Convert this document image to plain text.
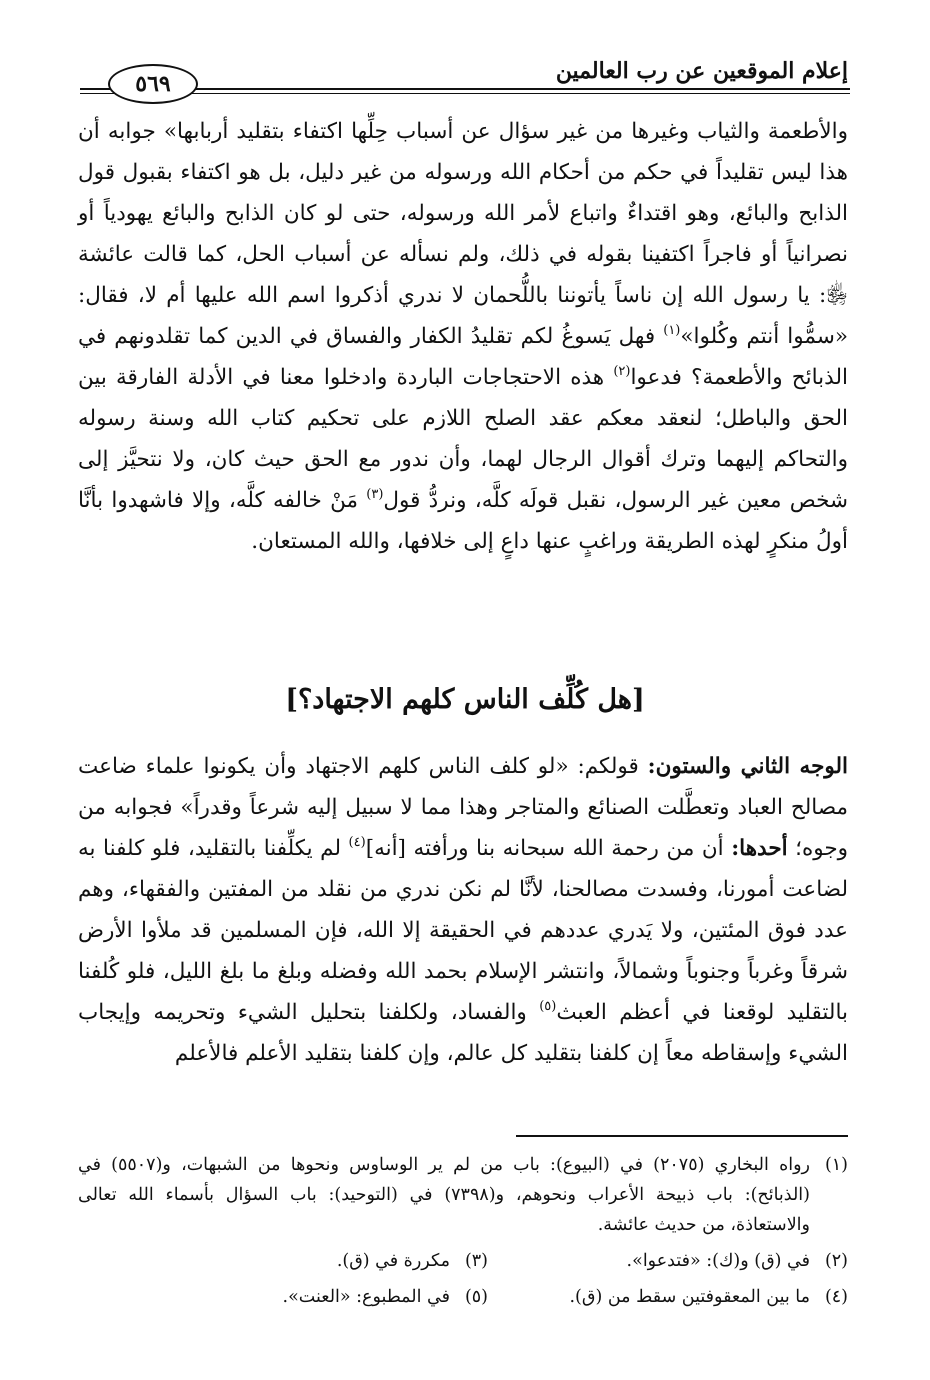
إعلام الموقعين عن رب العالمين
٥٦٩

والأطعمة والثياب وغيرها من غير سؤال عن أسباب حِلِّها اكتفاء بتقليد أربابها» جوابه أن هذا ليس تقليداً في حكم من أحكام الله ورسوله من غير دليل، بل هو اكتفاء بقبول قول الذابح والبائع، وهو اقتداءٌ واتباع لأمر الله ورسوله، حتى لو كان الذابح والبائع يهودياً أو نصرانياً أو فاجراً اكتفينا بقوله في ذلك، ولم نسأله عن أسباب الحل، كما قالت عائشة ﵂: يا رسول الله إن ناساً يأتوننا باللُّحمان لا ندري أذكروا اسم الله عليها أم لا، فقال: «سمُّوا أنتم وكُلوا»$^{(١)}$ فهل يَسوغُ لكم تقليدُ الكفار والفساق في الدين كما تقلدونهم في الذبائح والأطعمة؟ فدعوا$^{(٢)}$ هذه الاحتجاجات الباردة وادخلوا معنا في الأدلة الفارقة بين الحق والباطل؛ لنعقد معكم عقد الصلح اللازم على تحكيم كتاب الله وسنة رسوله والتحاكم إليهما وترك أقوال الرجال لهما، وأن ندور مع الحق حيث كان، ولا نتحيَّز إلى شخص معين غير الرسول، نقبل قولَه كلَّه، ونردُّ قول$^{(٣)}$ مَنْ خالفه كلَّه، وإلا فاشهدوا بأنَّا أولُ منكرٍ لهذه الطريقة وراغبٍ عنها داعٍ إلى خلافها، والله المستعان.

[هل كُلِّف الناس كلهم الاجتهاد؟]

الوجه الثاني والستون: قولكم: «لو كلف الناس كلهم الاجتهاد وأن يكونوا علماء ضاعت مصالح العباد وتعطَّلت الصنائع والمتاجر وهذا مما لا سبيل إليه شرعاً وقدراً» فجوابه من وجوه؛ أحدها: أن من رحمة الله سبحانه بنا ورأفته [أنه]$^{(٤)}$ لم يكلِّفنا بالتقليد، فلو كلفنا به لضاعت أمورنا، وفسدت مصالحنا، لأنَّا لم نكن ندري من نقلد من المفتين والفقهاء، وهم عدد فوق المئتين، ولا يَدري عددهم في الحقيقة إلا الله، فإن المسلمين قد ملأوا الأرض شرقاً وغرباً وجنوباً وشمالاً، وانتشر الإسلام بحمد الله وفضله وبلغ ما بلغ الليل، فلو كُلفنا بالتقليد لوقعنا في أعظم العبث$^{(٥)}$ والفساد، ولكلفنا بتحليل الشيء وتحريمه وإيجاب الشيء وإسقاطه معاً إن كلفنا بتقليد كل عالم، وإن كلفنا بتقليد الأعلم فالأعلم

(١)
رواه البخاري (٢٠٧٥) في (البيوع): باب من لم ير الوساوس ونحوها من الشبهات، و(٥٥٠٧) في (الذبائح): باب ذبيحة الأعراب ونحوهم، و(٧٣٩٨) في (التوحيد): باب السؤال بأسماء الله تعالى والاستعاذة، من حديث عائشة.
(٢)
في (ق) و(ك): «فتدعوا».
(٣)
مكررة في (ق).
(٤)
ما بين المعقوفتين سقط من (ق).
(٥)
في المطبوع: «العنت».
